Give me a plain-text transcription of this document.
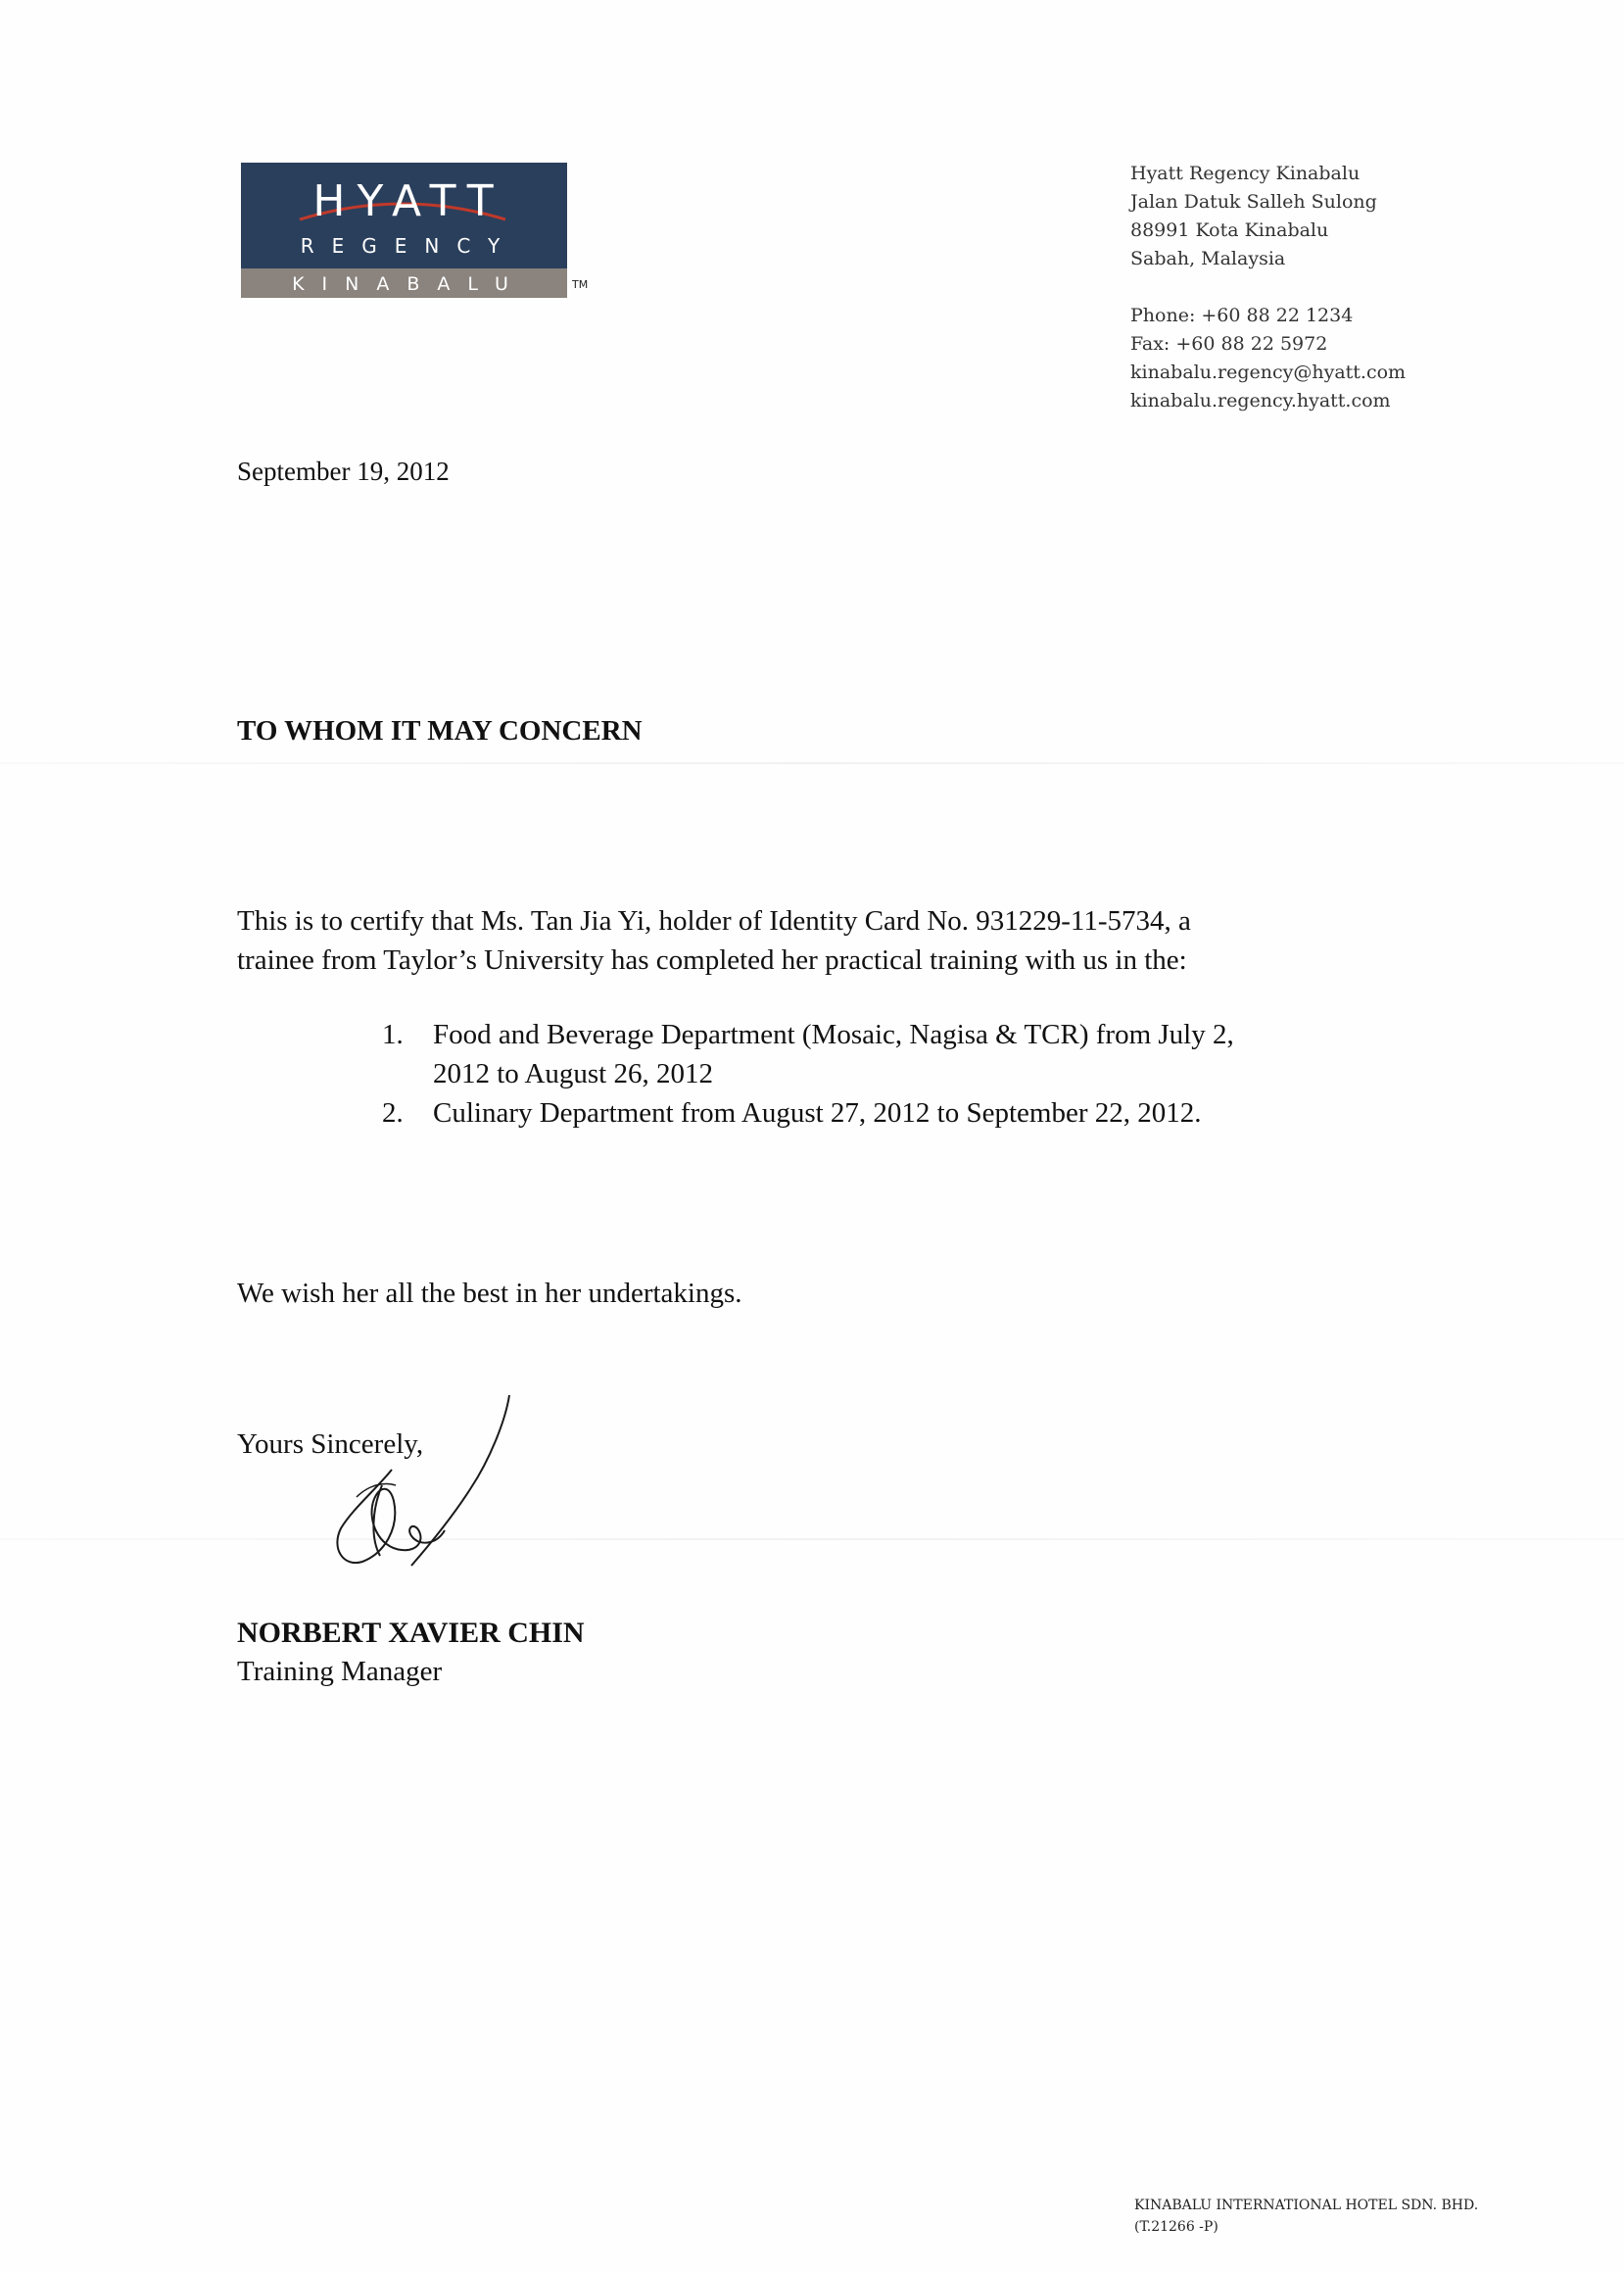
HYATT
REGENCY
KINABALU	TM
Hyatt Regency Kinabalu
Jalan Datuk Salleh Sulong
88991 Kota Kinabalu
Sabah, Malaysia
Phone: +60 88 22 1234
Fax: +60 88 22 5972
kinabalu.regency@hyatt.com
kinabalu.regency.hyatt.com
September 19, 2012
TO WHOM IT MAY CONCERN
This is to certify that Ms. Tan Jia Yi, holder of Identity Card No. 931229-11-5734, a
trainee from Taylor’s University has completed her practical training with us in the:
1. Food and Beverage Department (Mosaic, Nagisa & TCR) from July 2,
2012 to August 26, 2012
2. Culinary Department from August 27, 2012 to September 22, 2012.
We wish her all the best in her undertakings.
Yours Sincerely,
NORBERT XAVIER CHIN
Training Manager
KINABALU INTERNATIONAL HOTEL SDN. BHD.
(T.21266 -P)
